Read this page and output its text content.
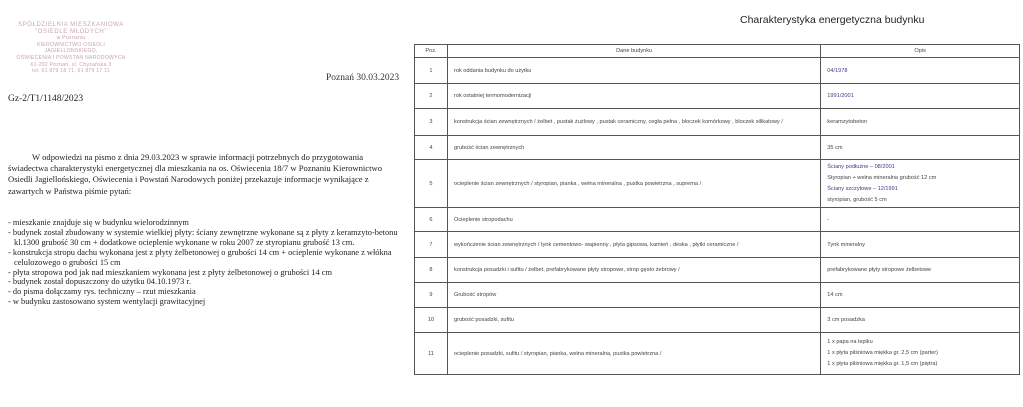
SPÓŁDZIELNIA MIESZKANIOWA
"OSIEDLE MŁODYCH"
w Poznaniu
KIEROWNICTWO OSIEDLI JAGIELLOŃSKIEGO,
OŚWIECENIA I POWSTAŃ NARODOWYCH
61-202 Poznań, ul. Chyżańska 3
tel. 61 879 18 71, 61 879 17 11
Poznań 30.03.2023
Gz-2/T1/1148/2023
W odpowiedzi na pismo z dnia 29.03.2023 w sprawie informacji potrzebnych do przygotowania świadectwa charakterystyki energetycznej dla mieszkania na os. Oświecenia 18/7 w Poznaniu Kierownictwo Osiedli Jagiellońskiego, Oświecenia i Powstań Narodowych poniżej przekazuje informacje wynikające z zawartych w Państwa piśmie pytań:
- mieszkanie znajduje się w budynku wielorodzinnym
- budynek został zbudowany w systemie wielkiej płyty: ściany zewnętrzne wykonane są z płyty z keramzyto-betonu kl.1300 grubość 30 cm + dodatkowe ocieplenie wykonane w roku 2007 ze styropianu grubość 13 cm.
- konstrukcja stropu dachu wykonana jest z płyty żelbetonowej o grubości 14 cm + ocieplenie wykonane z włókna celulozowego o grubości 15 cm
- płyta stropowa pod jak nad mieszkaniem wykonana jest z płyty żelbetonowej o grubości 14 cm
- budynek został dopuszczony do użytku 04.10.1973 r.
- do pisma dołączamy rys. techniczny – rzut mieszkania
- w budynku zastosowano system wentylacji grawitacyjnej
Charakterystyka energetyczna budynku
Poz.	Dane budynku	Opis
1	rok oddania budynku do użytku	04/1978
2	rok ostatniej termomodernizacji	1991/2001
3	konstrukcja ścian zewnętrznych / żelbet , pustak żużlowy , pustak ceramiczny, cegła pełna , bloczek komórkowy , bloczek silikatowy /	keramzytobeton
4	grubość ścian zewnętrznych	35 cm
5	ocieplenie ścian zewnętrznych / styropian, pianka , wełna mineralna , pustka powietrzna , suprema /	Ściany podłużne – 08/2001
Styropian + wełna mineralna grubość 12 cm
Ściany szczytowe – 12/1991
styropian, grubość 5 cm

6	Ocieplenie stropodachu	-
7	wykończenie ścian zewnętrznych / tynk cementowo- wapienny , płyta gipsowa, kamień , deska , płytki ceramiczne /	Tynk mineralny
8	konstrukcja posadzki i sufitu / żelbet, prefabrykowane płyty stropowe, strop gęsto żebrowy /	prefabrykowane płyty stropowe żelbetowe
9	Grubość stropów	14 cm
10	grubość posadzki, sufitu	3 cm posadzka
11	ocieplenie posadzki, sufitu / styropian, pianka, wełna mineralna, pustka powietrzna /	1 x papa na lepiku
1 x płyta pilśniowa miękka gr. 2,5 cm (parter)
1 x płyta pilśniowa miękka gr. 1,5 cm (piętra)
